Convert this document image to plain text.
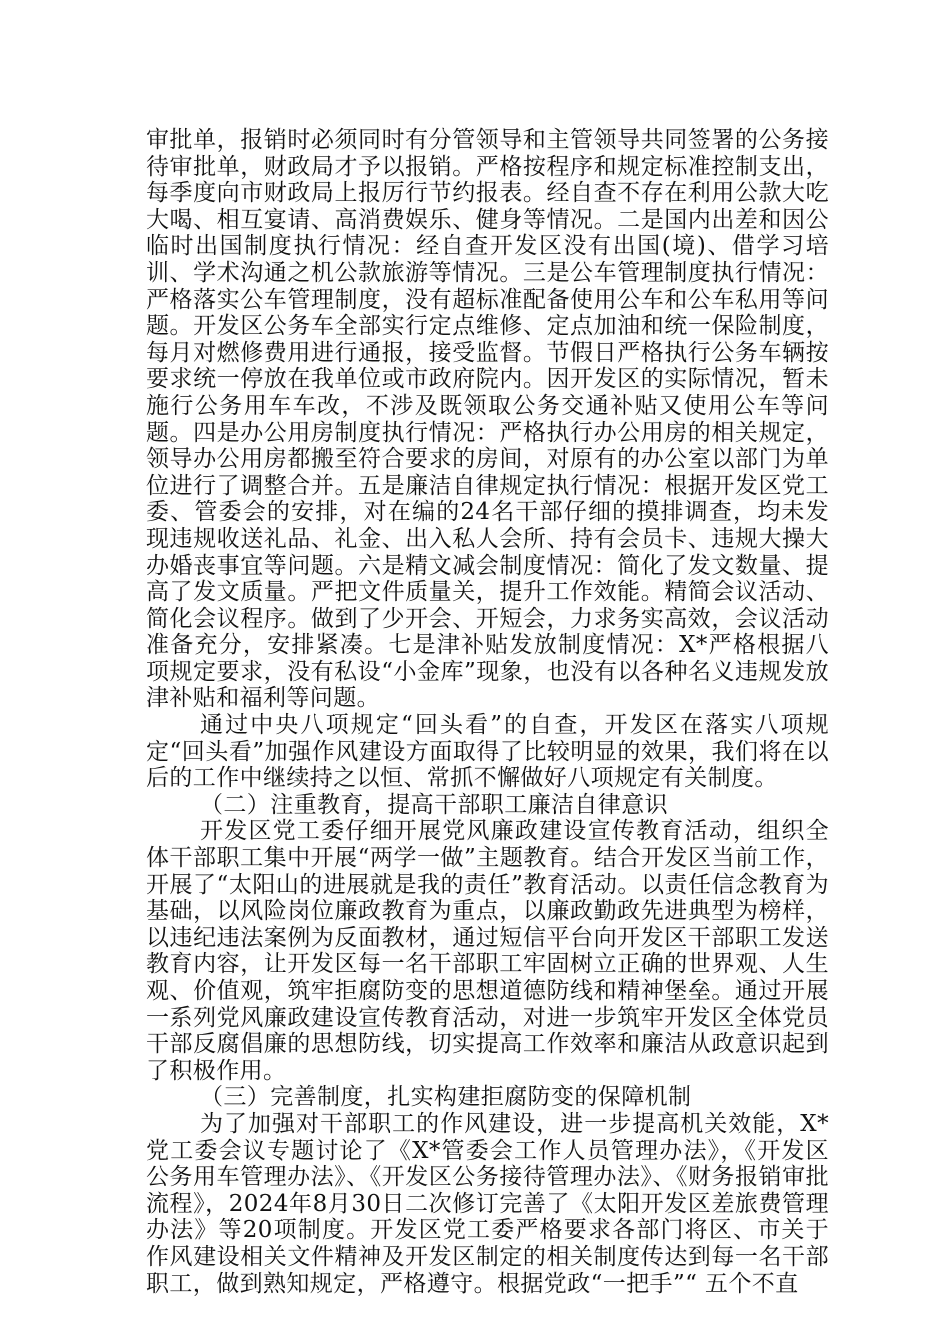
审批单，报销时必须同时有分管领导和主管领导共同签署的公务接待审批单，财政局才予以报销。严格按程序和规定标准控制支出，每季度向市财政局上报厉行节约报表。经自查不存在利用公款大吃大喝、相互宴请、高消费娱乐、健身等情况。二是国内出差和因公临时出国制度执行情况：经自查开发区没有出国(境)、借学习培训、学术沟通之机公款旅游等情况。三是公车管理制度执行情况：严格落实公车管理制度，没有超标准配备使用公车和公车私用等问题。开发区公务车全部实行定点维修、定点加油和统一保险制度，每月对燃修费用进行通报，接受监督。节假日严格执行公务车辆按要求统一停放在我单位或市政府院内。因开发区的实际情况，暂未施行公务用车车改，不涉及既领取公务交通补贴又使用公车等问题。四是办公用房制度执行情况：严格执行办公用房的相关规定，领导办公用房都搬至符合要求的房间，对原有的办公室以部门为单位进行了调整合并。五是廉洁自律规定执行情况：根据开发区党工委、管委会的安排，对在编的24名干部仔细的摸排调查，均未发现违规收送礼品、礼金、出入私人会所、持有会员卡、违规大操大办婚丧事宜等问题。六是精文减会制度情况：简化了发文数量、提高了发文质量。严把文件质量关，提升工作效能。精简会议活动、简化会议程序。做到了少开会、开短会，力求务实高效，会议活动准备充分，安排紧凑。七是津补贴发放制度情况：X*严格根据八项规定要求，没有私设“小金库”现象，也没有以各种名义违规发放津补贴和福利等问题。

通过中央八项规定“回头看”的自查，开发区在落实八项规定“回头看”加强作风建设方面取得了比较明显的效果，我们将在以后的工作中继续持之以恒、常抓不懈做好八项规定有关制度。

（二）注重教育，提高干部职工廉洁自律意识

开发区党工委仔细开展党风廉政建设宣传教育活动，组织全体干部职工集中开展“两学一做”主题教育。结合开发区当前工作，开展了“太阳山的进展就是我的责任”教育活动。以责任信念教育为基础，以风险岗位廉政教育为重点，以廉政勤政先进典型为榜样，以违纪违法案例为反面教材，通过短信平台向开发区干部职工发送教育内容，让开发区每一名干部职工牢固树立正确的世界观、人生观、价值观，筑牢拒腐防变的思想道德防线和精神堡垒。通过开展一系列党风廉政建设宣传教育活动，对进一步筑牢开发区全体党员干部反腐倡廉的思想防线，切实提高工作效率和廉洁从政意识起到了积极作用。

（三）完善制度，扎实构建拒腐防变的保障机制

为了加强对干部职工的作风建设，进一步提高机关效能，X*党工委会议专题讨论了《X*管委会工作人员管理办法》，《开发区公务用车管理办法》、《开发区公务接待管理办法》、《财务报销审批流程》，2024年8月30日二次修订完善了《太阳开发区差旅费管理办法》等20项制度。开发区党工委严格要求各部门将区、市关于作风建设相关文件精神及开发区制定的相关制度传达到每一名干部职工，做到熟知规定，严格遵守。根据党政“一把手”“ 五个不直
